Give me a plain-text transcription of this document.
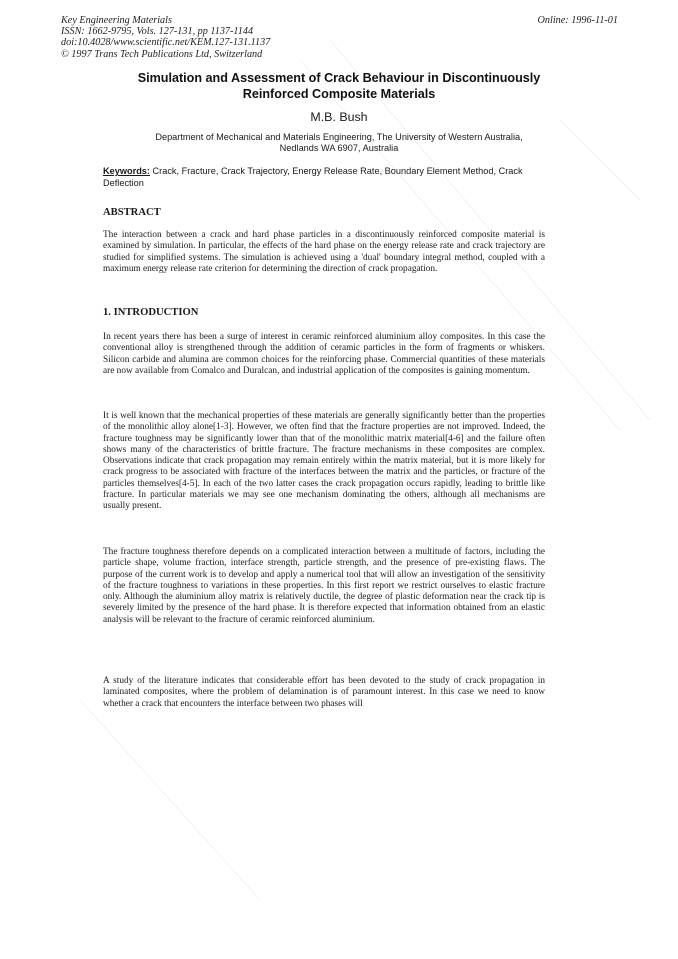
Key Engineering Materials
ISSN: 1662-9795, Vols. 127-131, pp 1137-1144
doi:10.4028/www.scientific.net/KEM.127-131.1137
© 1997 Trans Tech Publications Ltd, Switzerland
Online: 1996-11-01
Simulation and Assessment of Crack Behaviour in Discontinuously
Reinforced Composite Materials
M.B. Bush
Department of Mechanical and Materials Engineering, The University of Western Australia,
Nedlands WA 6907, Australia
Keywords: Crack, Fracture, Crack Trajectory, Energy Release Rate, Boundary Element Method, Crack Deflection
ABSTRACT
The interaction between a crack and hard phase particles in a discontinuously reinforced composite material is examined by simulation. In particular, the effects of the hard phase on the energy release rate and crack trajectory are studied for simplified systems. The simulation is achieved using a 'dual' boundary integral method, coupled with a maximum energy release rate criterion for determining the direction of crack propagation.
1. INTRODUCTION
In recent years there has been a surge of interest in ceramic reinforced aluminium alloy composites. In this case the conventional alloy is strengthened through the addition of ceramic particles in the form of fragments or whiskers. Silicon carbide and alumina are common choices for the reinforcing phase. Commercial quantities of these materials are now available from Comalco and Duralcan, and industrial application of the composites is gaining momentum.
It is well known that the mechanical properties of these materials are generally significantly better than the properties of the monolithic alloy alone[1-3]. However, we often find that the fracture properties are not improved. Indeed, the fracture toughness may be significantly lower than that of the monolithic matrix material[4-6] and the failure often shows many of the characteristics of brittle fracture. The fracture mechanisms in these composites are complex. Observations indicate that crack propagation may remain entirely within the matrix material, but it is more likely for crack progress to be associated with fracture of the interfaces between the matrix and the particles, or fracture of the particles themselves[4-5]. In each of the two latter cases the crack propagation occurs rapidly, leading to brittle like fracture. In particular materials we may see one mechanism dominating the others, although all mechanisms are usually present.
The fracture toughness therefore depends on a complicated interaction between a multitude of factors, including the particle shape, volume fraction, interface strength, particle strength, and the presence of pre-existing flaws. The purpose of the current work is to develop and apply a numerical tool that will allow an investigation of the sensitivity of the fracture toughness to variations in these properties. In this first report we restrict ourselves to elastic fracture only. Although the aluminium alloy matrix is relatively ductile, the degree of plastic deformation near the crack tip is severely limited by the presence of the hard phase. It is therefore expected that information obtained from an elastic analysis will be relevant to the fracture of ceramic reinforced aluminium.
A study of the literature indicates that considerable effort has been devoted to the study of crack propagation in laminated composites, where the problem of delamination is of paramount interest. In this case we need to know whether a crack that encounters the interface between two phases will
